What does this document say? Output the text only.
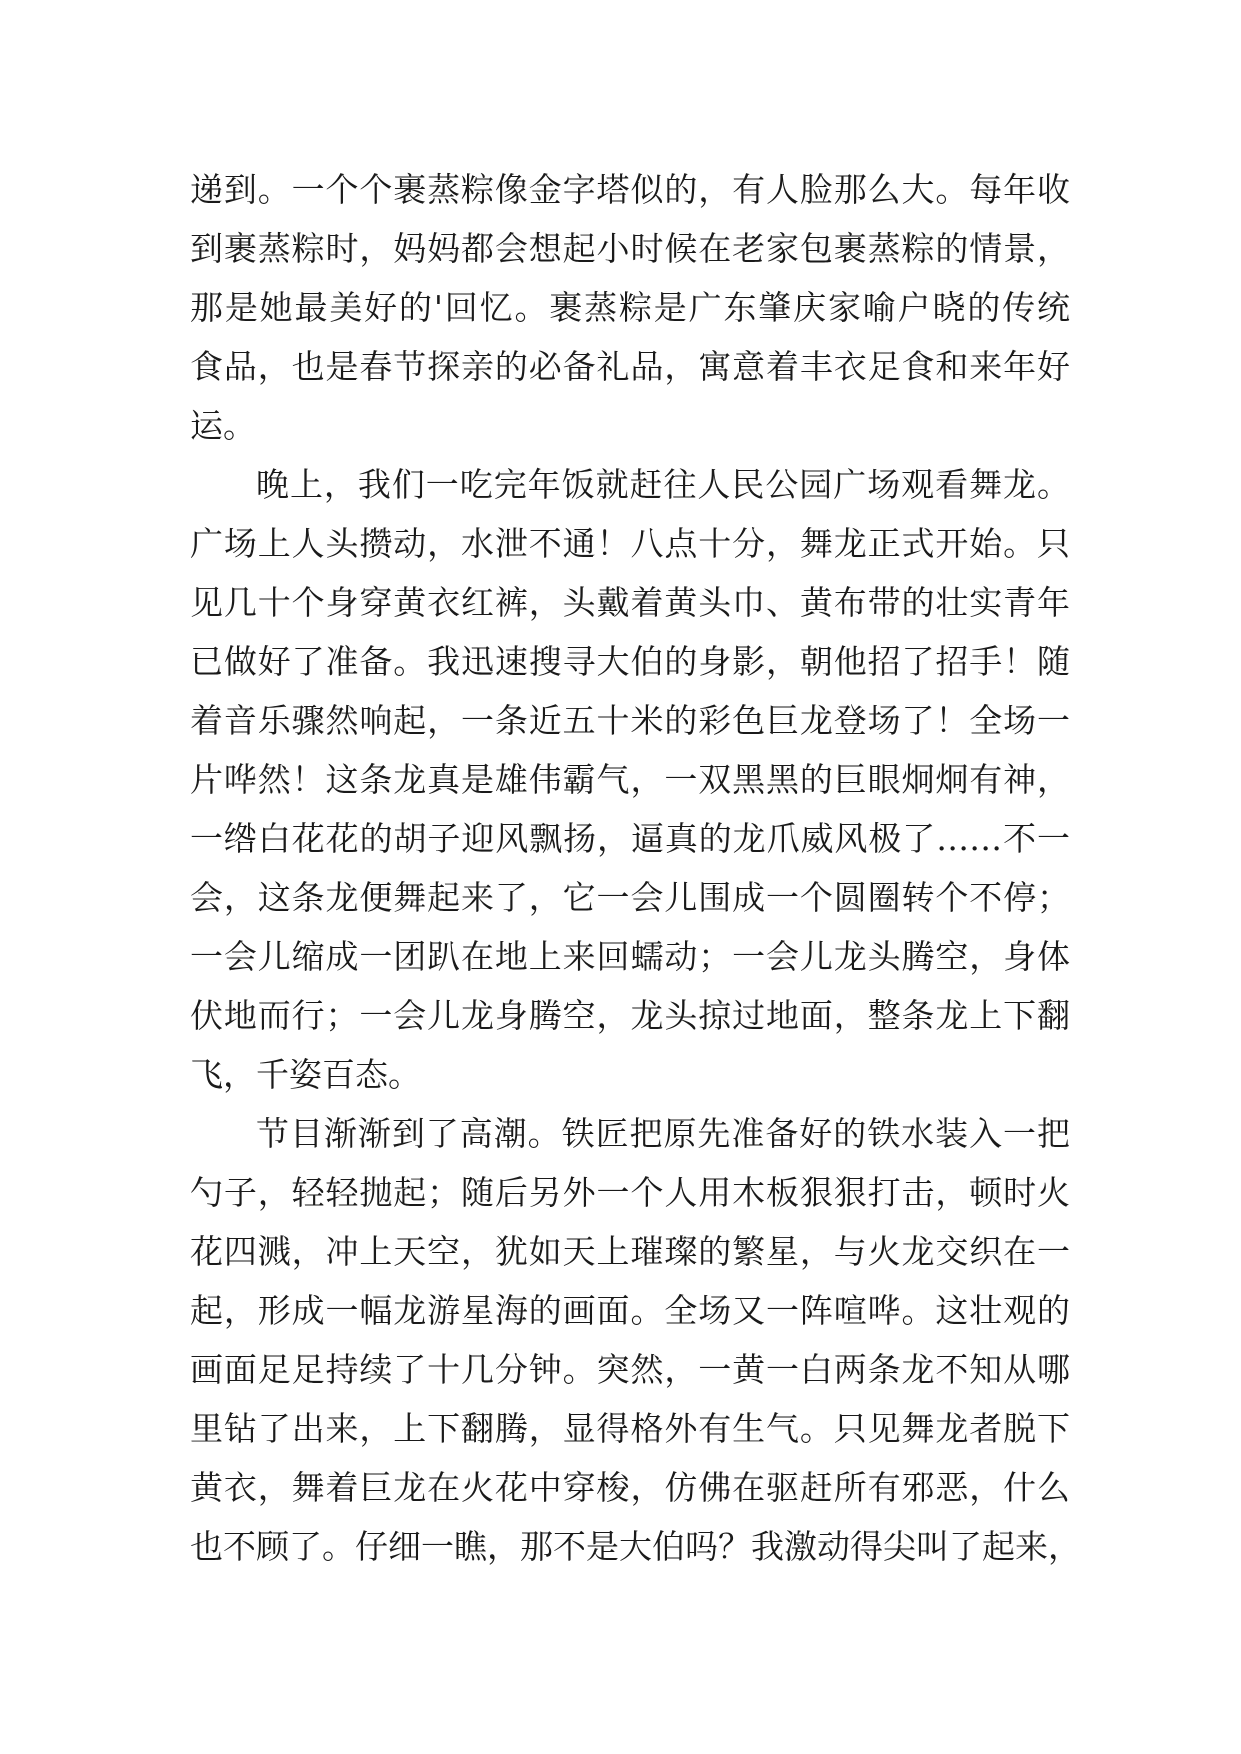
递到。一个个裹蒸粽像金字塔似的，有人脸那么大。每年收
到裹蒸粽时，妈妈都会想起小时候在老家包裹蒸粽的情景，
那是她最美好的'回忆。裹蒸粽是广东肇庆家喻户晓的传统
食品，也是春节探亲的必备礼品，寓意着丰衣足食和来年好
运。
晚上，我们一吃完年饭就赶往人民公园广场观看舞龙。
广场上人头攒动，水泄不通！八点十分，舞龙正式开始。只
见几十个身穿黄衣红裤，头戴着黄头巾、黄布带的壮实青年
已做好了准备。我迅速搜寻大伯的身影，朝他招了招手！随
着音乐骤然响起，一条近五十米的彩色巨龙登场了！全场一
片哗然！这条龙真是雄伟霸气，一双黑黑的巨眼炯炯有神，
一绺白花花的胡子迎风飘扬，逼真的龙爪威风极了……不一
会，这条龙便舞起来了，它一会儿围成一个圆圈转个不停；
一会儿缩成一团趴在地上来回蠕动；一会儿龙头腾空，身体
伏地而行；一会儿龙身腾空，龙头掠过地面，整条龙上下翻
飞，千姿百态。
节目渐渐到了高潮。铁匠把原先准备好的铁水装入一把
勺子，轻轻抛起；随后另外一个人用木板狠狠打击，顿时火
花四溅，冲上天空，犹如天上璀璨的繁星，与火龙交织在一
起，形成一幅龙游星海的画面。全场又一阵喧哗。这壮观的
画面足足持续了十几分钟。突然，一黄一白两条龙不知从哪
里钻了出来，上下翻腾，显得格外有生气。只见舞龙者脱下
黄衣，舞着巨龙在火花中穿梭，仿佛在驱赶所有邪恶，什么
也不顾了。仔细一瞧，那不是大伯吗？我激动得尖叫了起来，
